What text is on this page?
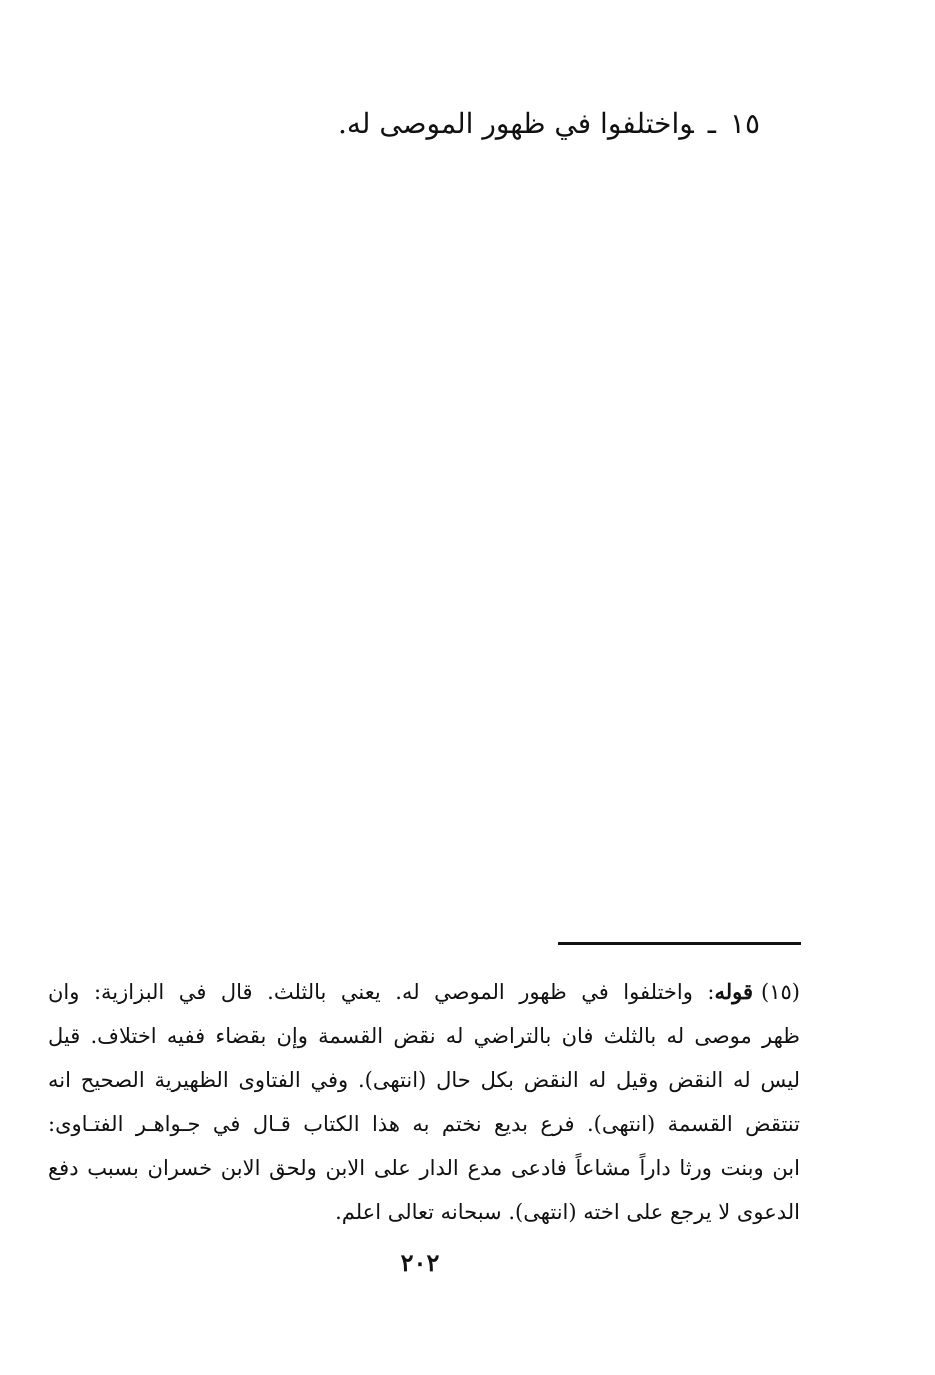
١٥ـواختلفوا في ظهور الموصى له.
(١٥)قوله: واختلفوا في ظهور الموصي له. يعني بالثلث. قال في البزازية: وان
ظهر موصى له بالثلث فان بالتراضي له نقض القسمة وإن بقضاء ففيه اختلاف. قيل
ليس له النقض وقيل له النقض بكل حال (انتهى). وفي الفتاوى الظهيرية الصحيح انه
تنتقض القسمة (انتهى). فرع بديع نختم به هذا الكتاب قـال في جـواهـر الفتـاوى:
ابن وبنت ورثا داراً مشاعاً فادعى مدع الدار على الابن ولحق الابن خسران بسبب دفع
الدعوى لا يرجع على اخته (انتهى). سبحانه تعالى اعلم.
٢٠٢
